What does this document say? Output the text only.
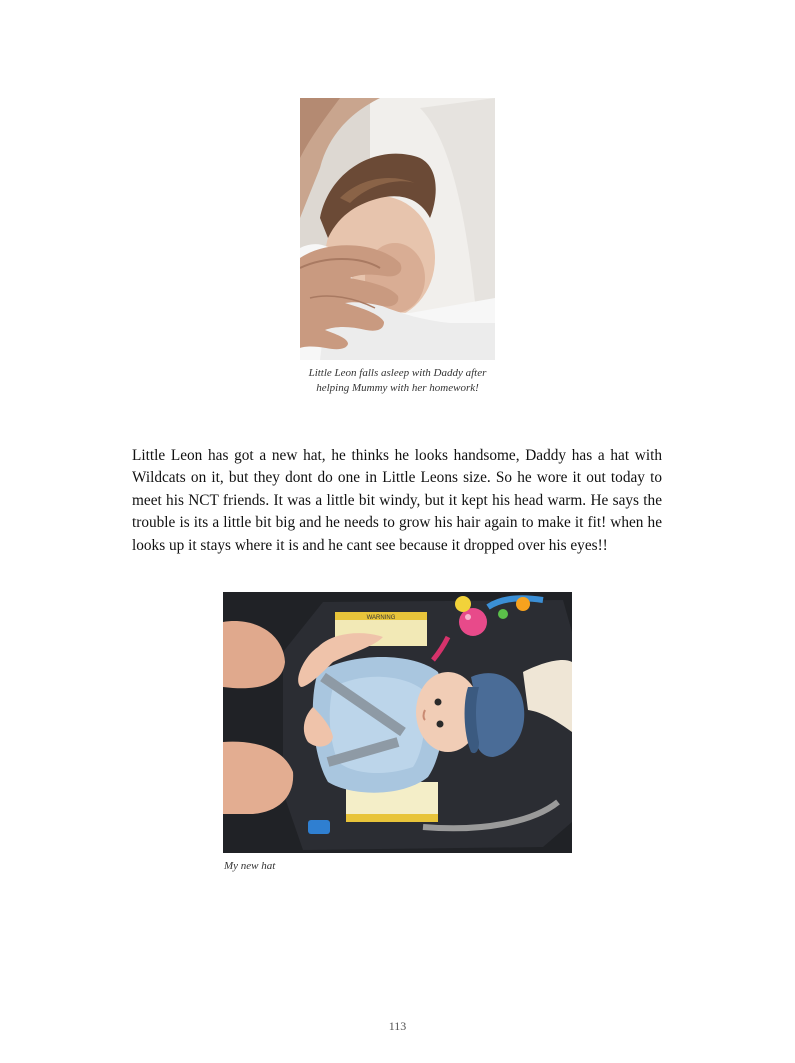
Little Leon falls asleep with Daddy after helping Mummy with her homework!
Little Leon has got a new hat, he thinks he looks handsome, Daddy has a hat with Wildcats on it, but they dont do one in Little Leons size. So he wore it out today to meet his NCT friends. It was a little bit windy, but it kept his head warm. He says the trouble is its a little bit big and he needs to grow his hair again to make it fit! when he looks up it stays where it is and he cant see because it dropped over his eyes!!
WARNING
My new hat
113
